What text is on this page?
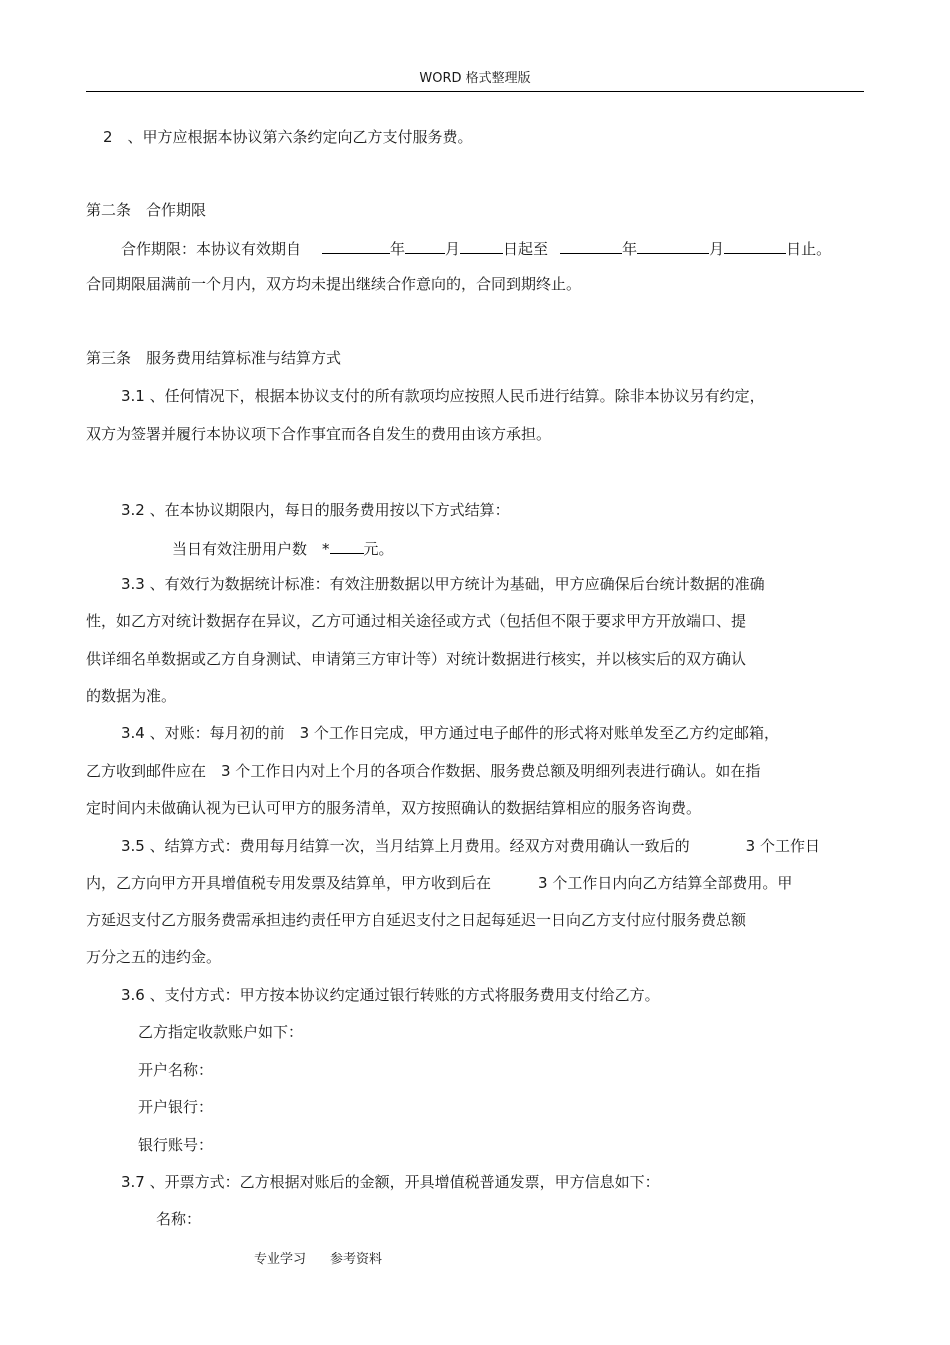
WORD 格式整理版
2　、甲方应根据本协议第六条约定向乙方支付服务费。
第二条　合作期限
合作期限：本协议有效期自	年	月	日起至	年	月	日止。
合同期限届满前一个月内，双方均未提出继续合作意向的，合同到期终止。
第三条　服务费用结算标准与结算方式
3.1 、任何情况下，根据本协议支付的所有款项均应按照人民币进行结算。除非本协议另有约定，
双方为签署并履行本协议项下合作事宜而各自发生的费用由该方承担。
3.2 、在本协议期限内，每日的服务费用按以下方式结算：
当日有效注册用户数　* 元。
3.3 、有效行为数据统计标准：有效注册数据以甲方统计为基础，甲方应确保后台统计数据的准确
性，如乙方对统计数据存在异议，乙方可通过相关途径或方式（包括但不限于要求甲方开放端口、提
供详细名单数据或乙方自身测试、申请第三方审计等）对统计数据进行核实，并以核实后的双方确认
的数据为准。
3.4 、对账：每月初的前　3 个工作日完成，甲方通过电子邮件的形式将对账单发至乙方约定邮箱，
乙方收到邮件应在　3 个工作日内对上个月的各项合作数据、服务费总额及明细列表进行确认。如在指
定时间内未做确认视为已认可甲方的服务清单，双方按照确认的数据结算相应的服务咨询费。
3.5 、结算方式：费用每月结算一次，当月结算上月费用。经双方对费用确认一致后的	3 个工作日
内，乙方向甲方开具增值税专用发票及结算单，甲方收到后在	3 个工作日内向乙方结算全部费用。甲
方延迟支付乙方服务费需承担违约责任甲方自延迟支付之日起每延迟一日向乙方支付应付服务费总额
万分之五的违约金。
3.6 、支付方式：甲方按本协议约定通过银行转账的方式将服务费用支付给乙方。
乙方指定收款账户如下：
开户名称：
开户银行：
银行账号：
3.7 、开票方式：乙方根据对账后的金额，开具增值税普通发票，甲方信息如下：
名称：
专业学习 参考资料
